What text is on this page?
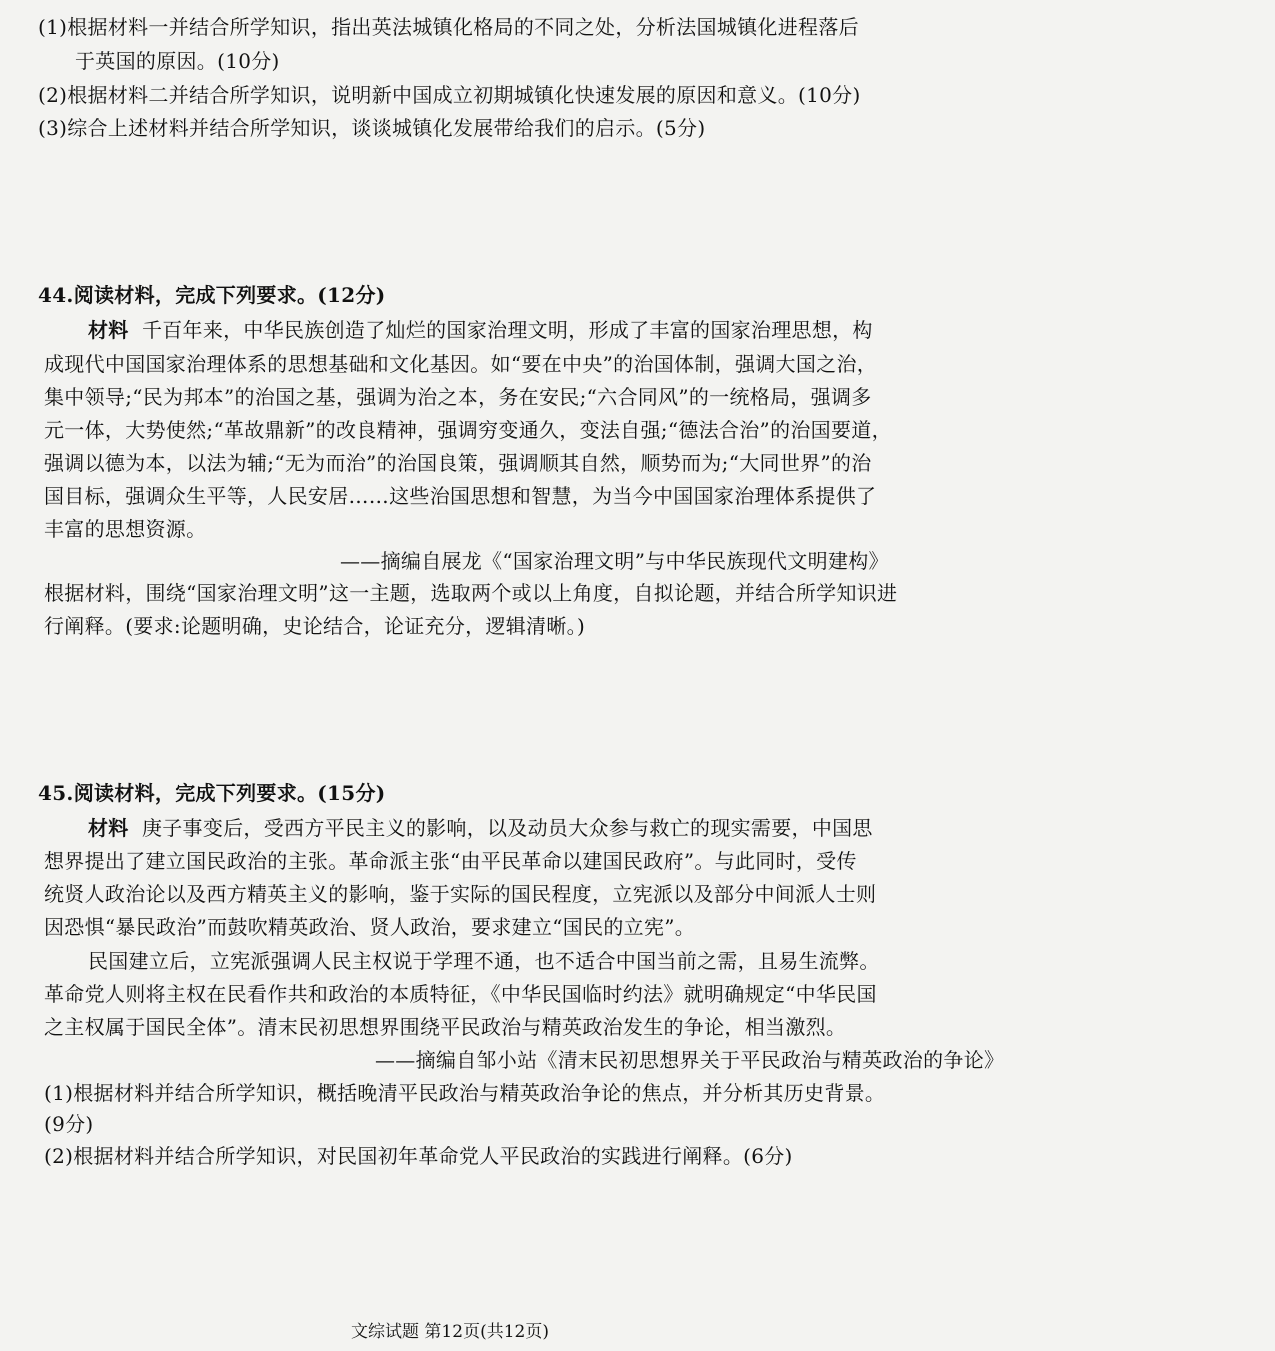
(1)根据材料一并结合所学知识，指出英法城镇化格局的不同之处，分析法国城镇化进程落后
于英国的原因。(10分)
(2)根据材料二并结合所学知识，说明新中国成立初期城镇化快速发展的原因和意义。(10分)
(3)综合上述材料并结合所学知识，谈谈城镇化发展带给我们的启示。(5分)
44.阅读材料，完成下列要求。(12分)
材料 千百年来，中华民族创造了灿烂的国家治理文明，形成了丰富的国家治理思想，构
成现代中国国家治理体系的思想基础和文化基因。如“要在中央”的治国体制，强调大国之治，
集中领导;“民为邦本”的治国之基，强调为治之本，务在安民;“六合同风”的一统格局，强调多
元一体，大势使然;“革故鼎新”的改良精神，强调穷变通久，变法自强;“德法合治”的治国要道，
强调以德为本，以法为辅;“无为而治”的治国良策，强调顺其自然，顺势而为;“大同世界”的治
国目标，强调众生平等，人民安居……这些治国思想和智慧，为当今中国国家治理体系提供了
丰富的思想资源。
——摘编自展龙《“国家治理文明”与中华民族现代文明建构》
根据材料，围绕“国家治理文明”这一主题，选取两个或以上角度，自拟论题，并结合所学知识进
行阐释。(要求:论题明确，史论结合，论证充分，逻辑清晰。)
45.阅读材料，完成下列要求。(15分)
材料 庚子事变后，受西方平民主义的影响，以及动员大众参与救亡的现实需要，中国思
想界提出了建立国民政治的主张。革命派主张“由平民革命以建国民政府”。与此同时，受传
统贤人政治论以及西方精英主义的影响，鉴于实际的国民程度，立宪派以及部分中间派人士则
因恐惧“暴民政治”而鼓吹精英政治、贤人政治，要求建立“国民的立宪”。
民国建立后，立宪派强调人民主权说于学理不通，也不适合中国当前之需，且易生流弊。
革命党人则将主权在民看作共和政治的本质特征，《中华民国临时约法》就明确规定“中华民国
之主权属于国民全体”。清末民初思想界围绕平民政治与精英政治发生的争论，相当激烈。
——摘编自邹小站《清末民初思想界关于平民政治与精英政治的争论》
(1)根据材料并结合所学知识，概括晚清平民政治与精英政治争论的焦点，并分析其历史背景。
(9分)
(2)根据材料并结合所学知识，对民国初年革命党人平民政治的实践进行阐释。(6分)
文综试题 第12页(共12页)
